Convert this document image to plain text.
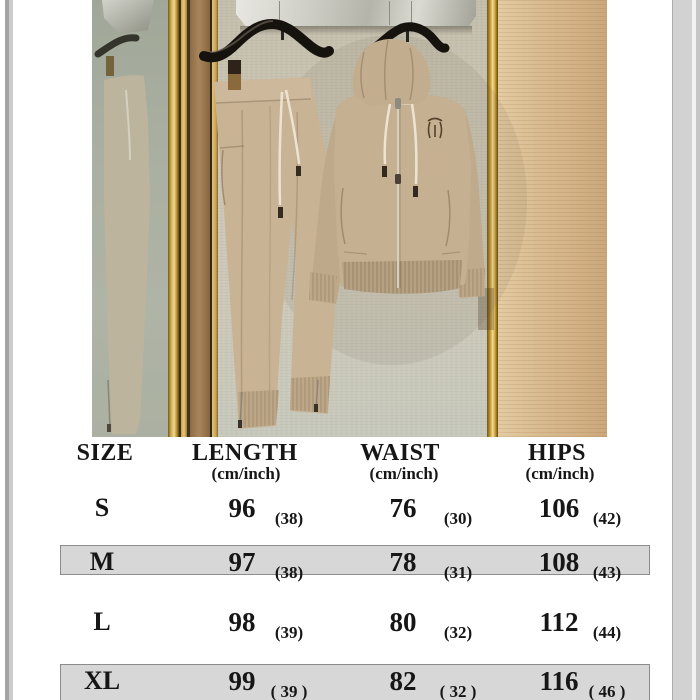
SIZE	LENGTH	WAIST	HIPS
(cm/inch)	(cm/inch)	(cm/inch)
S	96	(38)	76	(30)	106 (42)
M	97	(38)	78	(31)	108 (43)
L	98	(39)	80	(32)	112 (44)
XL	99 ( 39 )	82	( 32 )	116 ( 46 )
